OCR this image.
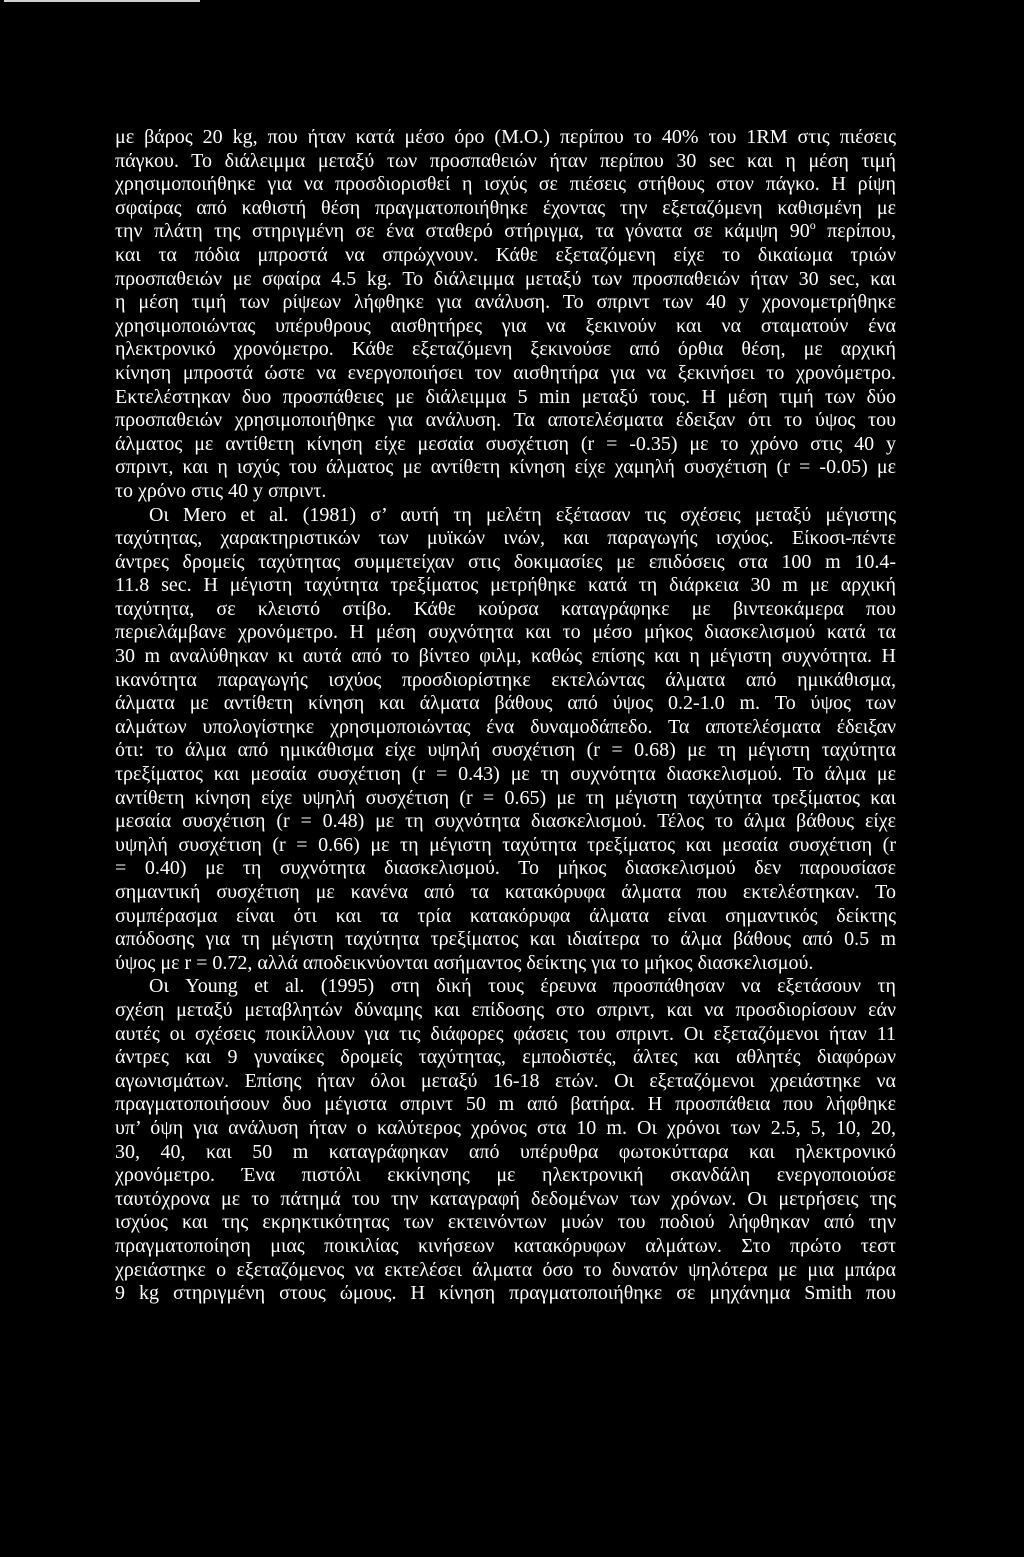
με βάρος 20 kg, που ήταν κατά μέσο όρο (Μ.Ο.) περίπου το 40% του 1RM στις πιέσεις
πάγκου. Το διάλειμμα μεταξύ των προσπαθειών ήταν περίπου 30 sec και η μέση τιμή
χρησιμοποιήθηκε για να προσδιορισθεί η ισχύς σε πιέσεις στήθους στον πάγκο. Η ρίψη
σφαίρας από καθιστή θέση πραγματοποιήθηκε έχοντας την εξεταζόμενη καθισμένη με
την πλάτη της στηριγμένη σε ένα σταθερό στήριγμα, τα γόνατα σε κάμψη $90^o$ περίπου,
και τα πόδια μπροστά να σπρώχνουν. Κάθε εξεταζόμενη είχε το δικαίωμα τριών
προσπαθειών με σφαίρα 4.5 kg. Το διάλειμμα μεταξύ των προσπαθειών ήταν 30 sec, και
η μέση τιμή των ρίψεων λήφθηκε για ανάλυση. Το σπριντ των 40 y χρονομετρήθηκε
χρησιμοποιώντας υπέρυθρους αισθητήρες για να ξεκινούν και να σταματούν ένα
ηλεκτρονικό χρονόμετρο. Κάθε εξεταζόμενη ξεκινούσε από όρθια θέση, με αρχική
κίνηση μπροστά ώστε να ενεργοποιήσει τον αισθητήρα για να ξεκινήσει το χρονόμετρο.
Εκτελέστηκαν δυο προσπάθειες με διάλειμμα 5 min μεταξύ τους. Η μέση τιμή των δύο
προσπαθειών χρησιμοποιήθηκε για ανάλυση. Τα αποτελέσματα έδειξαν ότι το ύψος του
άλματος με αντίθετη κίνηση είχε μεσαία συσχέτιση (r = -0.35) με το χρόνο στις 40 y
σπριντ, και η ισχύς του άλματος με αντίθετη κίνηση είχε χαμηλή συσχέτιση (r = -0.05) με
το χρόνο στις 40 y σπριντ.
Οι Mero et al. (1981) σ’ αυτή τη μελέτη εξέτασαν τις σχέσεις μεταξύ μέγιστης
ταχύτητας, χαρακτηριστικών των μυϊκών ινών, και παραγωγής ισχύος. Είκοσι-πέντε
άντρες δρομείς ταχύτητας συμμετείχαν στις δοκιμασίες με επιδόσεις στα 100 m 10.4-
11.8 sec. Η μέγιστη ταχύτητα τρεξίματος μετρήθηκε κατά τη διάρκεια 30 m με αρχική
ταχύτητα, σε κλειστό στίβο. Κάθε κούρσα καταγράφηκε με βιντεοκάμερα που
περιελάμβανε χρονόμετρο. Η μέση συχνότητα και το μέσο μήκος διασκελισμού κατά τα
30 m αναλύθηκαν κι αυτά από το βίντεο φιλμ, καθώς επίσης και η μέγιστη συχνότητα. Η
ικανότητα παραγωγής ισχύος προσδιορίστηκε εκτελώντας άλματα από ημικάθισμα,
άλματα με αντίθετη κίνηση και άλματα βάθους από ύψος 0.2-1.0 m. Το ύψος των
αλμάτων υπολογίστηκε χρησιμοποιώντας ένα δυναμοδάπεδο. Τα αποτελέσματα έδειξαν
ότι: το άλμα από ημικάθισμα είχε υψηλή συσχέτιση (r = 0.68) με τη μέγιστη ταχύτητα
τρεξίματος και μεσαία συσχέτιση (r = 0.43) με τη συχνότητα διασκελισμού. Το άλμα με
αντίθετη κίνηση είχε υψηλή συσχέτιση (r = 0.65) με τη μέγιστη ταχύτητα τρεξίματος και
μεσαία συσχέτιση (r = 0.48) με τη συχνότητα διασκελισμού. Τέλος το άλμα βάθους είχε
υψηλή συσχέτιση (r = 0.66) με τη μέγιστη ταχύτητα τρεξίματος και μεσαία συσχέτιση (r
= 0.40) με τη συχνότητα διασκελισμού. Το μήκος διασκελισμού δεν παρουσίασε
σημαντική συσχέτιση με κανένα από τα κατακόρυφα άλματα που εκτελέστηκαν. Το
συμπέρασμα είναι ότι και τα τρία κατακόρυφα άλματα είναι σημαντικός δείκτης
απόδοσης για τη μέγιστη ταχύτητα τρεξίματος και ιδιαίτερα το άλμα βάθους από 0.5 m
ύψος με r = 0.72, αλλά αποδεικνύονται ασήμαντος δείκτης για το μήκος διασκελισμού.
Οι Young et al. (1995) στη δική τους έρευνα προσπάθησαν να εξετάσουν τη
σχέση μεταξύ μεταβλητών δύναμης και επίδοσης στο σπριντ, και να προσδιορίσουν εάν
αυτές οι σχέσεις ποικίλλουν για τις διάφορες φάσεις του σπριντ. Οι εξεταζόμενοι ήταν 11
άντρες και 9 γυναίκες δρομείς ταχύτητας, εμποδιστές, άλτες και αθλητές διαφόρων
αγωνισμάτων. Επίσης ήταν όλοι μεταξύ 16-18 ετών. Οι εξεταζόμενοι χρειάστηκε να
πραγματοποιήσουν δυο μέγιστα σπριντ 50 m από βατήρα. Η προσπάθεια που λήφθηκε
υπ’ όψη για ανάλυση ήταν ο καλύτερος χρόνος στα 10 m. Οι χρόνοι των 2.5, 5, 10, 20,
30, 40, και 50 m καταγράφηκαν από υπέρυθρα φωτοκύτταρα και ηλεκτρονικό
χρονόμετρο. Ένα πιστόλι εκκίνησης με ηλεκτρονική σκανδάλη ενεργοποιούσε
ταυτόχρονα με το πάτημά του την καταγραφή δεδομένων των χρόνων. Οι μετρήσεις της
ισχύος και της εκρηκτικότητας των εκτεινόντων μυών του ποδιού λήφθηκαν από την
πραγματοποίηση μιας ποικιλίας κινήσεων κατακόρυφων αλμάτων. Στο πρώτο τεστ
χρειάστηκε ο εξεταζόμενος να εκτελέσει άλματα όσο το δυνατόν ψηλότερα με μια μπάρα
9 kg στηριγμένη στους ώμους. Η κίνηση πραγματοποιήθηκε σε μηχάνημα Smith που
